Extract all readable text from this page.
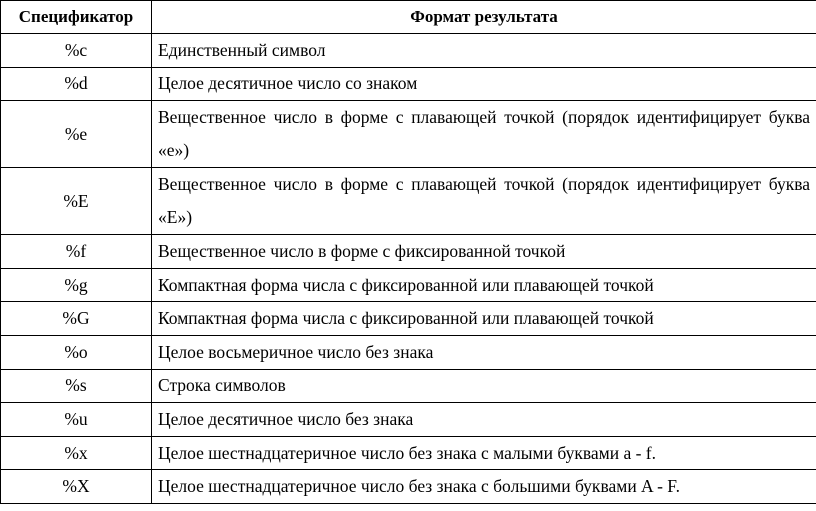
Спецификатор	Формат результата
%c	Единственный символ
%d	Целое десятичное число со знаком
%e	Вещественное число в форме с плавающей точкой (порядок идентифицирует буква «е»)
%E	Вещественное число в форме с плавающей точкой (порядок идентифицирует буква «Е»)
%f	Вещественное число в форме с фиксированной точкой
%g	Компактная форма числа с фиксированной или плавающей точкой
%G	Компактная форма числа с фиксированной или плавающей точкой
%o	Целое восьмеричное число без знака
%s	Строка символов
%u	Целое десятичное число без знака
%x	Целое шестнадцатеричное число без знака с малыми буквами a - f.
%X	Целое шестнадцатеричное число без знака с большими буквами A - F.
